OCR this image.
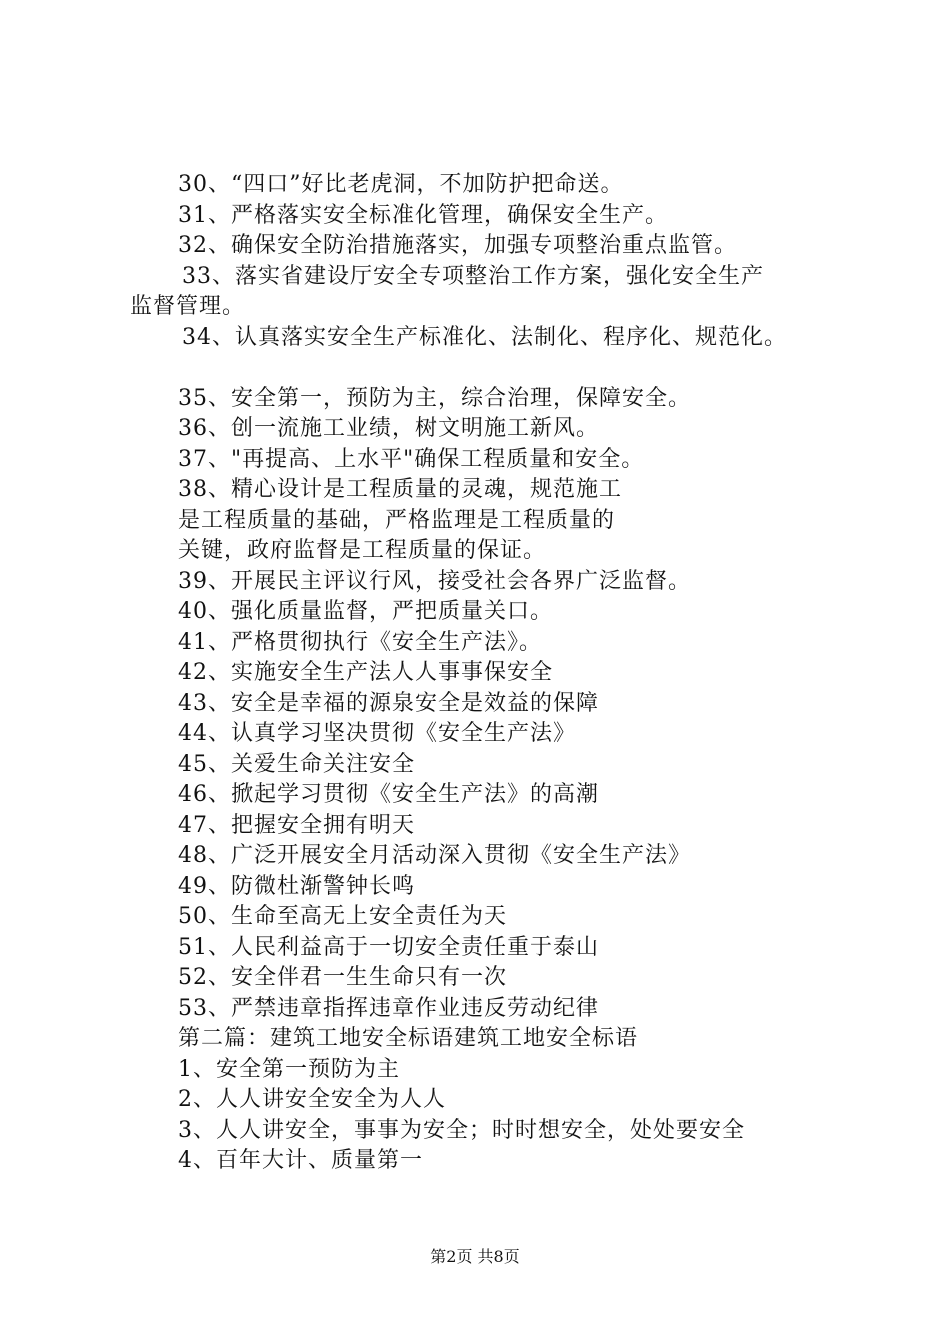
30、“四口”好比老虎洞，不加防护把命送。
31、严格落实安全标准化管理，确保安全生产。
32、确保安全防治措施落实，加强专项整治重点监管。
33、落实省建设厅安全专项整治工作方案，强化安全生产
监督管理。
34、认真落实安全生产标准化、法制化、程序化、规范化。
35、安全第一，预防为主，综合治理，保障安全。
36、创一流施工业绩，树文明施工新风。
37、"再提高、上水平"确保工程质量和安全。
38、精心设计是工程质量的灵魂，规范施工
是工程质量的基础，严格监理是工程质量的
关键，政府监督是工程质量的保证。
39、开展民主评议行风，接受社会各界广泛监督。
40、强化质量监督，严把质量关口。
41、严格贯彻执行《安全生产法》。
42、实施安全生产法人人事事保安全
43、安全是幸福的源泉安全是效益的保障
44、认真学习坚决贯彻《安全生产法》
45、关爱生命关注安全
46、掀起学习贯彻《安全生产法》的高潮
47、把握安全拥有明天
48、广泛开展安全月活动深入贯彻《安全生产法》
49、防微杜渐警钟长鸣
50、生命至高无上安全责任为天
51、人民利益高于一切安全责任重于泰山
52、安全伴君一生生命只有一次
53、严禁违章指挥违章作业违反劳动纪律
第二篇：建筑工地安全标语建筑工地安全标语
1、安全第一预防为主
2、人人讲安全安全为人人
3、人人讲安全，事事为安全；时时想安全，处处要安全
4、百年大计、质量第一
第2页 共8页
